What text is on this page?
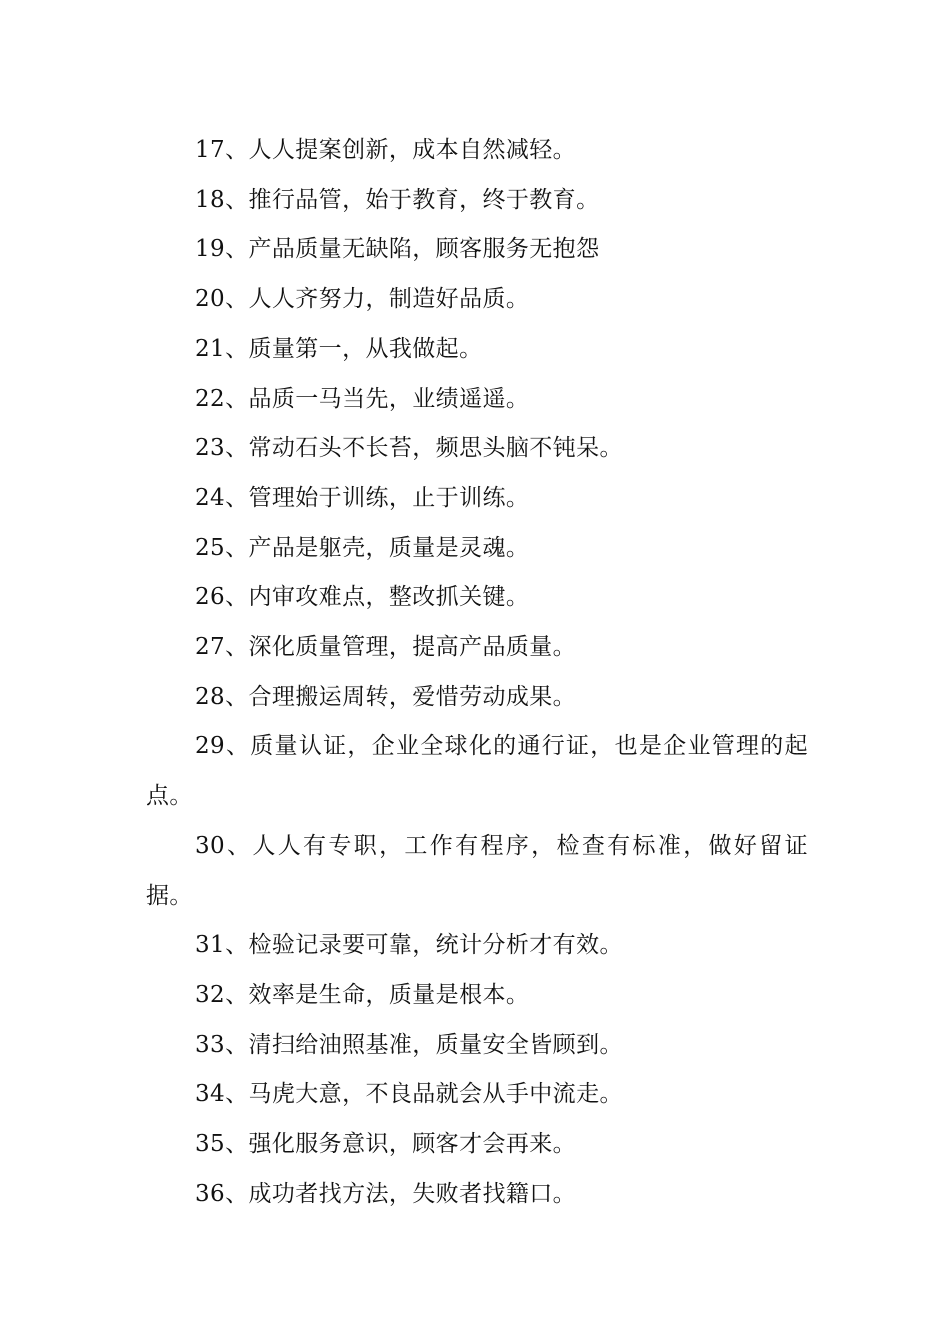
17、人人提案创新，成本自然减轻。

18、推行品管，始于教育，终于教育。

19、产品质量无缺陷，顾客服务无抱怨

20、人人齐努力，制造好品质。

21、质量第一，从我做起。

22、品质一马当先，业绩遥遥。

23、常动石头不长苔，频思头脑不钝呆。

24、管理始于训练，止于训练。

25、产品是躯壳，质量是灵魂。

26、内审攻难点，整改抓关键。

27、深化质量管理，提高产品质量。

28、合理搬运周转，爱惜劳动成果。

29、质量认证，企业全球化的通行证，也是企业管理的起点。

30、人人有专职，工作有程序，检查有标准，做好留证据。

31、检验记录要可靠，统计分析才有效。

32、效率是生命，质量是根本。

33、清扫给油照基准，质量安全皆顾到。

34、马虎大意，不良品就会从手中流走。

35、强化服务意识，顾客才会再来。

36、成功者找方法，失败者找籍口。
